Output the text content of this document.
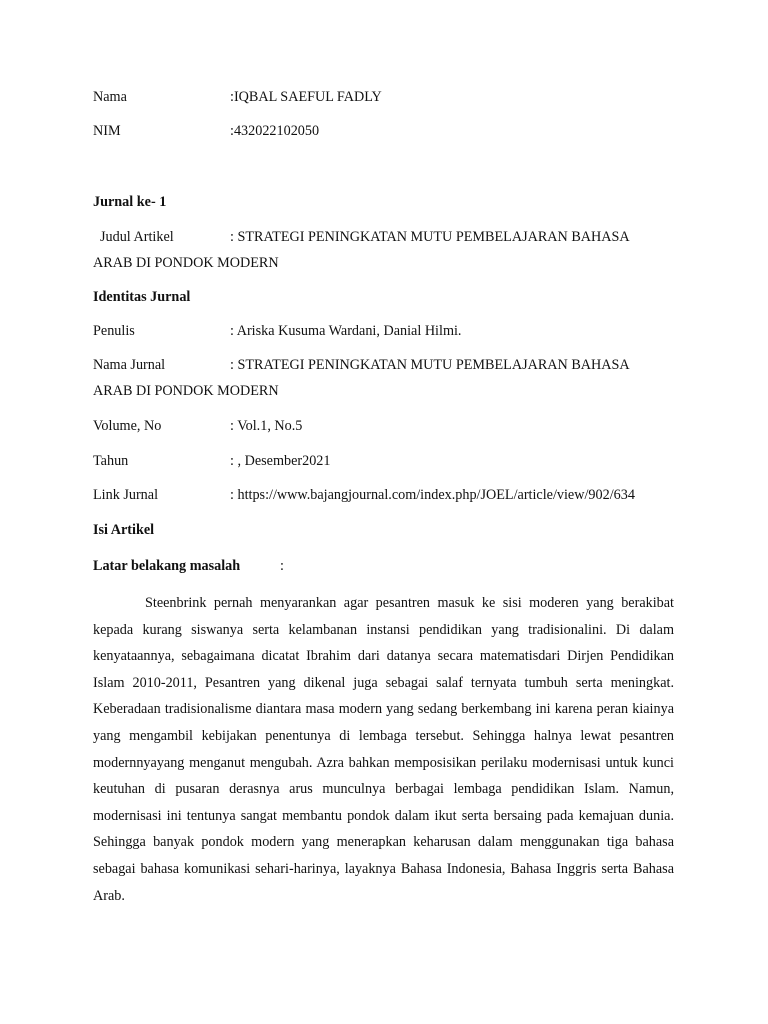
Nama	:IQBAL SAEFUL FADLY
NIM	:432022102050
Jurnal ke- 1
Judul Artikel	: STRATEGI PENINGKATAN MUTU PEMBELAJARAN BAHASA
ARAB DI PONDOK MODERN
Identitas Jurnal
Penulis	: Ariska Kusuma Wardani, Danial Hilmi.
Nama Jurnal	: STRATEGI PENINGKATAN MUTU PEMBELAJARAN BAHASA
ARAB DI PONDOK MODERN
Volume, No	: Vol.1, No.5
Tahun	: , Desember2021
Link Jurnal	: https://www.bajangjournal.com/index.php/JOEL/article/view/902/634
Isi Artikel
Latar belakang masalah	:

Steenbrink pernah menyarankan agar pesantren masuk ke sisi moderen yang berakibat kepada kurang siswanya serta kelambanan instansi pendidikan yang tradisionalini. Di dalam kenyataannya, sebagaimana dicatat Ibrahim dari datanya secara matematisdari Dirjen Pendidikan Islam 2010-2011, Pesantren yang dikenal juga sebagai salaf ternyata tumbuh serta meningkat. Keberadaan tradisionalisme diantara masa modern yang sedang berkembang ini karena peran kiainya yang mengambil kebijakan penentunya di lembaga tersebut. Sehingga halnya lewat pesantren modernnyayang menganut mengubah. Azra bahkan memposisikan perilaku modernisasi untuk kunci keutuhan di pusaran derasnya arus munculnya berbagai lembaga pendidikan Islam. Namun, modernisasi ini tentunya sangat membantu pondok dalam ikut serta bersaing pada kemajuan dunia. Sehingga banyak pondok modern yang menerapkan keharusan dalam menggunakan tiga bahasa sebagai bahasa komunikasi sehari-harinya, layaknya Bahasa Indonesia, Bahasa Inggris serta Bahasa Arab.
